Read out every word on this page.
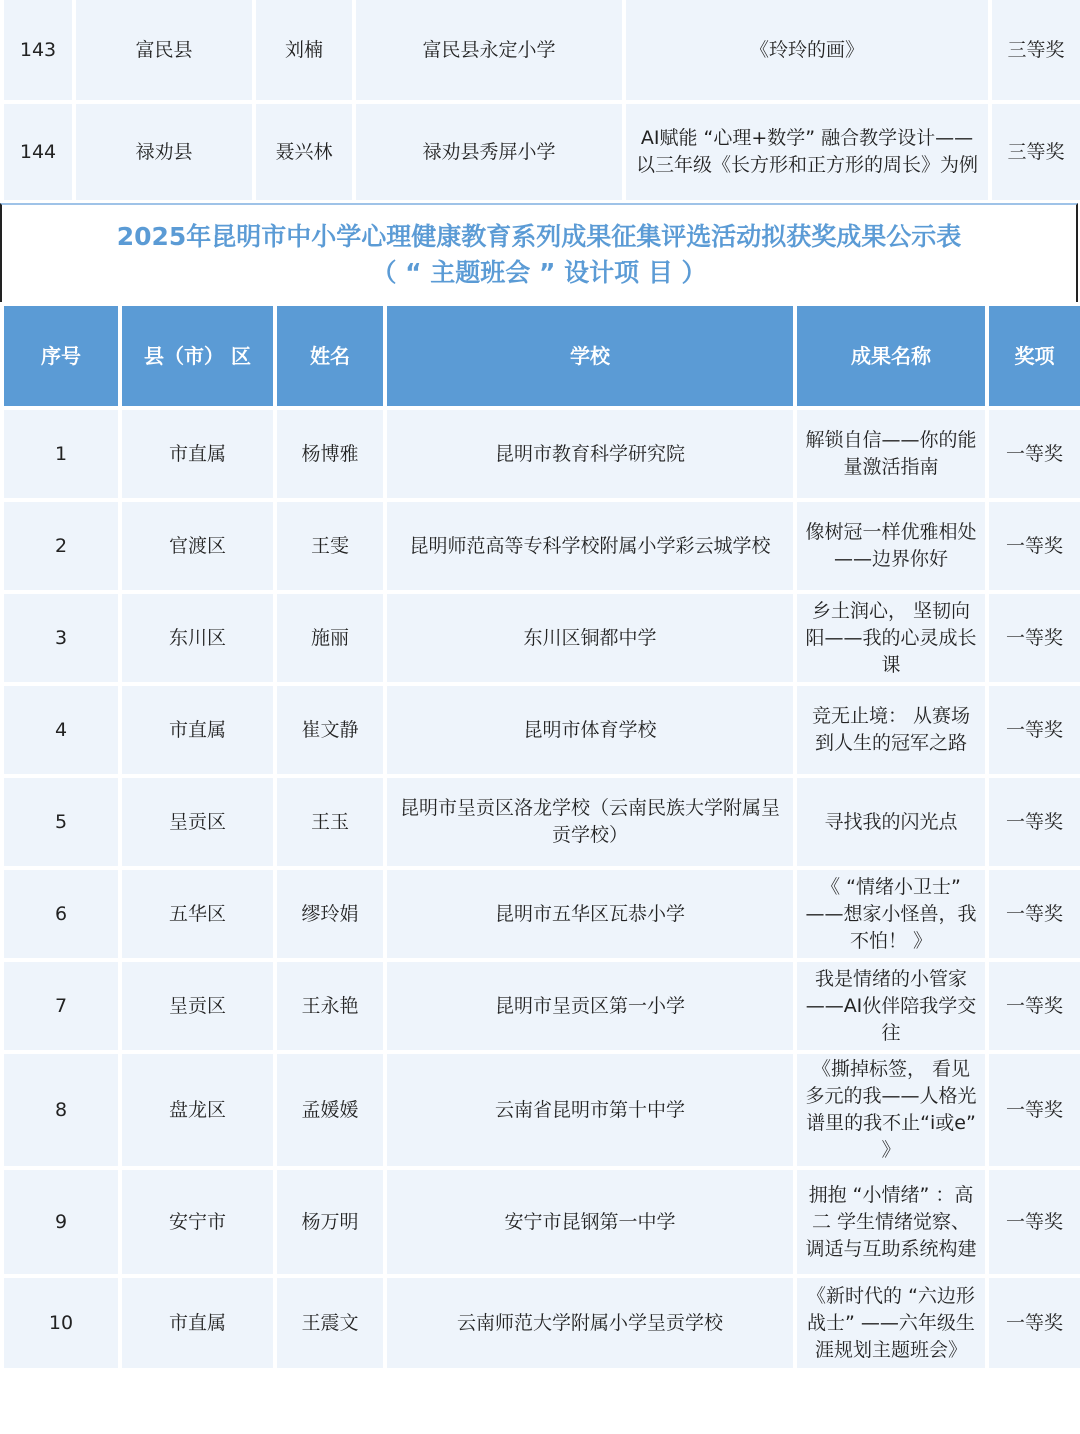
143	富民县	刘楠	富民县永定小学	《玲玲的画》	三等奖
144	禄劝县	聂兴林	禄劝县秀屏小学	AI赋能 “心理+数学” 融合教学设计——以三年级《长方形和正方形的周长》为例	三等奖
2025年昆明市中小学心理健康教育系列成果征集评选活动拟获奖成果公示表
（ “ 主题班会 ” 设计项 目 ）
序号	县（市） 区	姓名	学校	成果名称	奖项
1	市直属	杨博雅	昆明市教育科学研究院	解锁自信——你的能量激活指南	一等奖
2	官渡区	王雯	昆明师范高等专科学校附属小学彩云城学校	像树冠一样优雅相处——边界你好	一等奖
3	东川区	施丽	东川区铜都中学	乡土润心， 坚韧向阳——我的心灵成长课	一等奖
4	市直属	崔文静	昆明市体育学校	竞无止境： 从赛场到人生的冠军之路	一等奖
5	呈贡区	王玉	昆明市呈贡区洛龙学校（云南民族大学附属呈贡学校）	寻找我的闪光点	一等奖
6	五华区	缪玲娟	昆明市五华区瓦恭小学	《 “情绪小卫士” ——想家小怪兽，我不怕！ 》	一等奖
7	呈贡区	王永艳	昆明市呈贡区第一小学	我是情绪的小管家——AI伙伴陪我学交往	一等奖
8	盘龙区	孟媛媛	云南省昆明市第十中学	《撕掉标签， 看见多元的我——人格光谱里的我不止“i或e” 》	一等奖
9	安宁市	杨万明	安宁市昆钢第一中学	拥抱 “小情绪” ：高 二 学生情绪觉察、调适与互助系统构建	一等奖
10	市直属	王震文	云南师范大学附属小学呈贡学校	《新时代的 “六边形战士” ——六年级生涯规划主题班会》	一等奖
